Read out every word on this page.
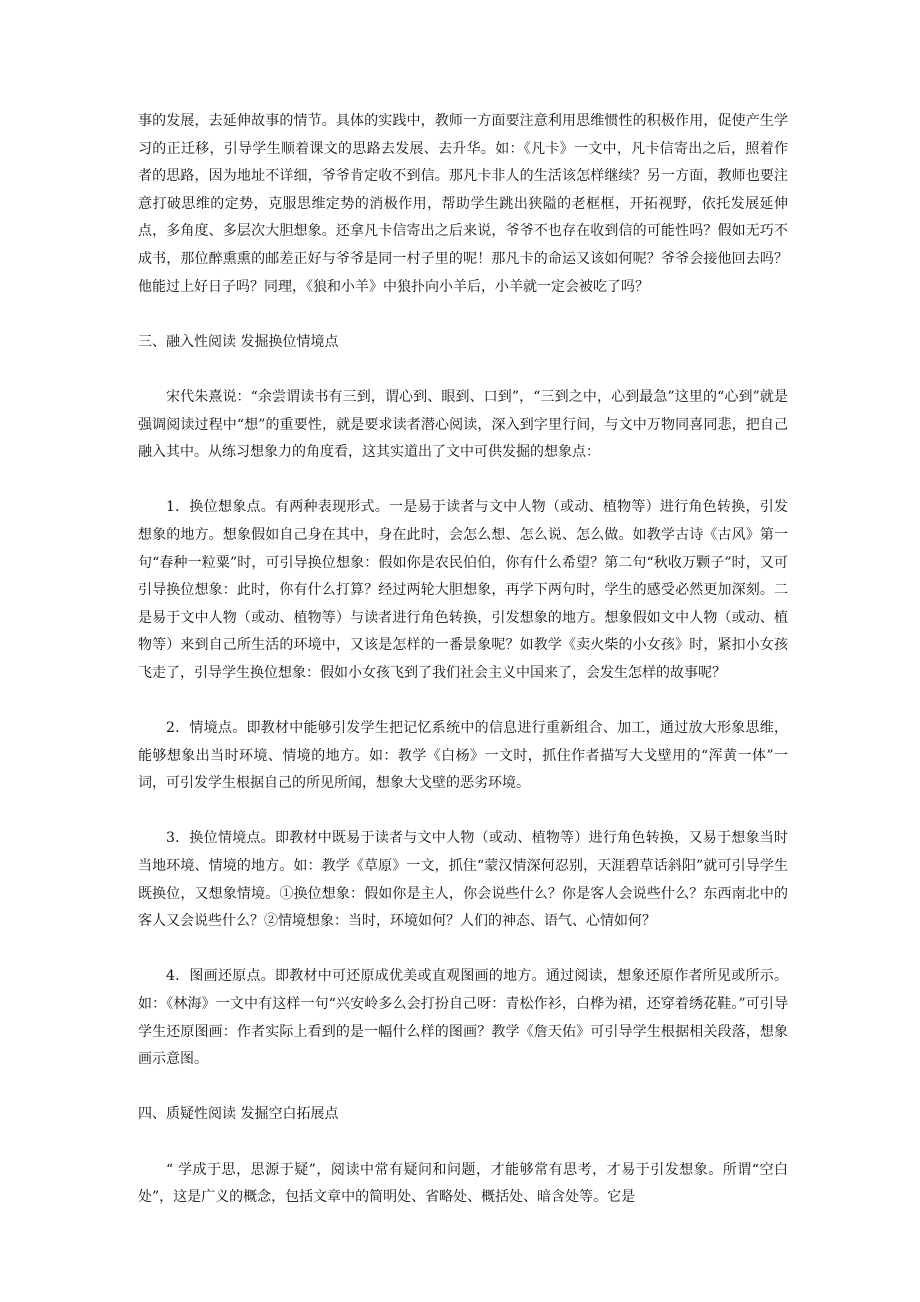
事的发展，去延伸故事的情节。具体的实践中，教师一方面要注意利用思维惯性的积极作用，促使产生学习的正迁移，引导学生顺着课文的思路去发展、去升华。如：《凡卡》一文中，凡卡信寄出之后，照着作者的思路，因为地址不详细，爷爷肯定收不到信。那凡卡非人的生活该怎样继续？另一方面，教师也要注意打破思维的定势，克服思维定势的消极作用，帮助学生跳出狭隘的老框框，开拓视野，依托发展延伸点，多角度、多层次大胆想象。还拿凡卡信寄出之后来说，爷爷不也存在收到信的可能性吗？假如无巧不成书，那位醉熏熏的邮差正好与爷爷是同一村子里的呢！那凡卡的命运又该如何呢？爷爷会接他回去吗？他能过上好日子吗？同理，《狼和小羊》中狼扑向小羊后，小羊就一定会被吃了吗？

三、融入性阅读 发掘换位情境点

宋代朱熹说：“余尝谓读书有三到，谓心到、眼到、口到”，“三到之中，心到最急”这里的“心到”就是强调阅读过程中“想”的重要性，就是要求读者潜心阅读，深入到字里行间，与文中万物同喜同悲，把自己融入其中。从练习想象力的角度看，这其实道出了文中可供发掘的想象点：

1．换位想象点。有两种表现形式。一是易于读者与文中人物（或动、植物等）进行角色转换，引发想象的地方。想象假如自己身在其中，身在此时，会怎么想、怎么说、怎么做。如教学古诗《古风》第一句“春种一粒粟”时，可引导换位想象：假如你是农民伯伯，你有什么希望？第二句“秋收万颗子”时，又可引导换位想象：此时，你有什么打算？经过两轮大胆想象，再学下两句时，学生的感受必然更加深刻。二是易于文中人物（或动、植物等）与读者进行角色转换，引发想象的地方。想象假如文中人物（或动、植物等）来到自己所生活的环境中，又该是怎样的一番景象呢？如教学《卖火柴的小女孩》时，紧扣小女孩飞走了，引导学生换位想象：假如小女孩飞到了我们社会主义中国来了，会发生怎样的故事呢？

2．情境点。即教材中能够引发学生把记忆系统中的信息进行重新组合、加工，通过放大形象思维，能够想象出当时环境、情境的地方。如：教学《白杨》一文时，抓住作者描写大戈壁用的“浑黄一体”一词，可引发学生根据自己的所见所闻，想象大戈壁的恶劣环境。

3．换位情境点。即教材中既易于读者与文中人物（或动、植物等）进行角色转换，又易于想象当时当地环境、情境的地方。如：教学《草原》一文，抓住“蒙汉情深何忍别，天涯碧草话斜阳”就可引导学生既换位，又想象情境。①换位想象：假如你是主人，你会说些什么？你是客人会说些什么？东西南北中的客人又会说些什么？②情境想象：当时，环境如何？人们的神态、语气、心情如何？

4．图画还原点。即教材中可还原成优美或直观图画的地方。通过阅读，想象还原作者所见或所示。如：《林海》一文中有这样一句“兴安岭多么会打扮自己呀：青松作衫，白桦为裙，还穿着绣花鞋。”可引导学生还原图画：作者实际上看到的是一幅什么样的图画？教学《詹天佑》可引导学生根据相关段落，想象画示意图。

四、质疑性阅读 发掘空白拓展点

“ 学成于思，思源于疑”，阅读中常有疑问和问题，才能够常有思考，才易于引发想象。所谓“空白处”，这是广义的概念，包括文章中的简明处、省略处、概括处、暗含处等。它是
